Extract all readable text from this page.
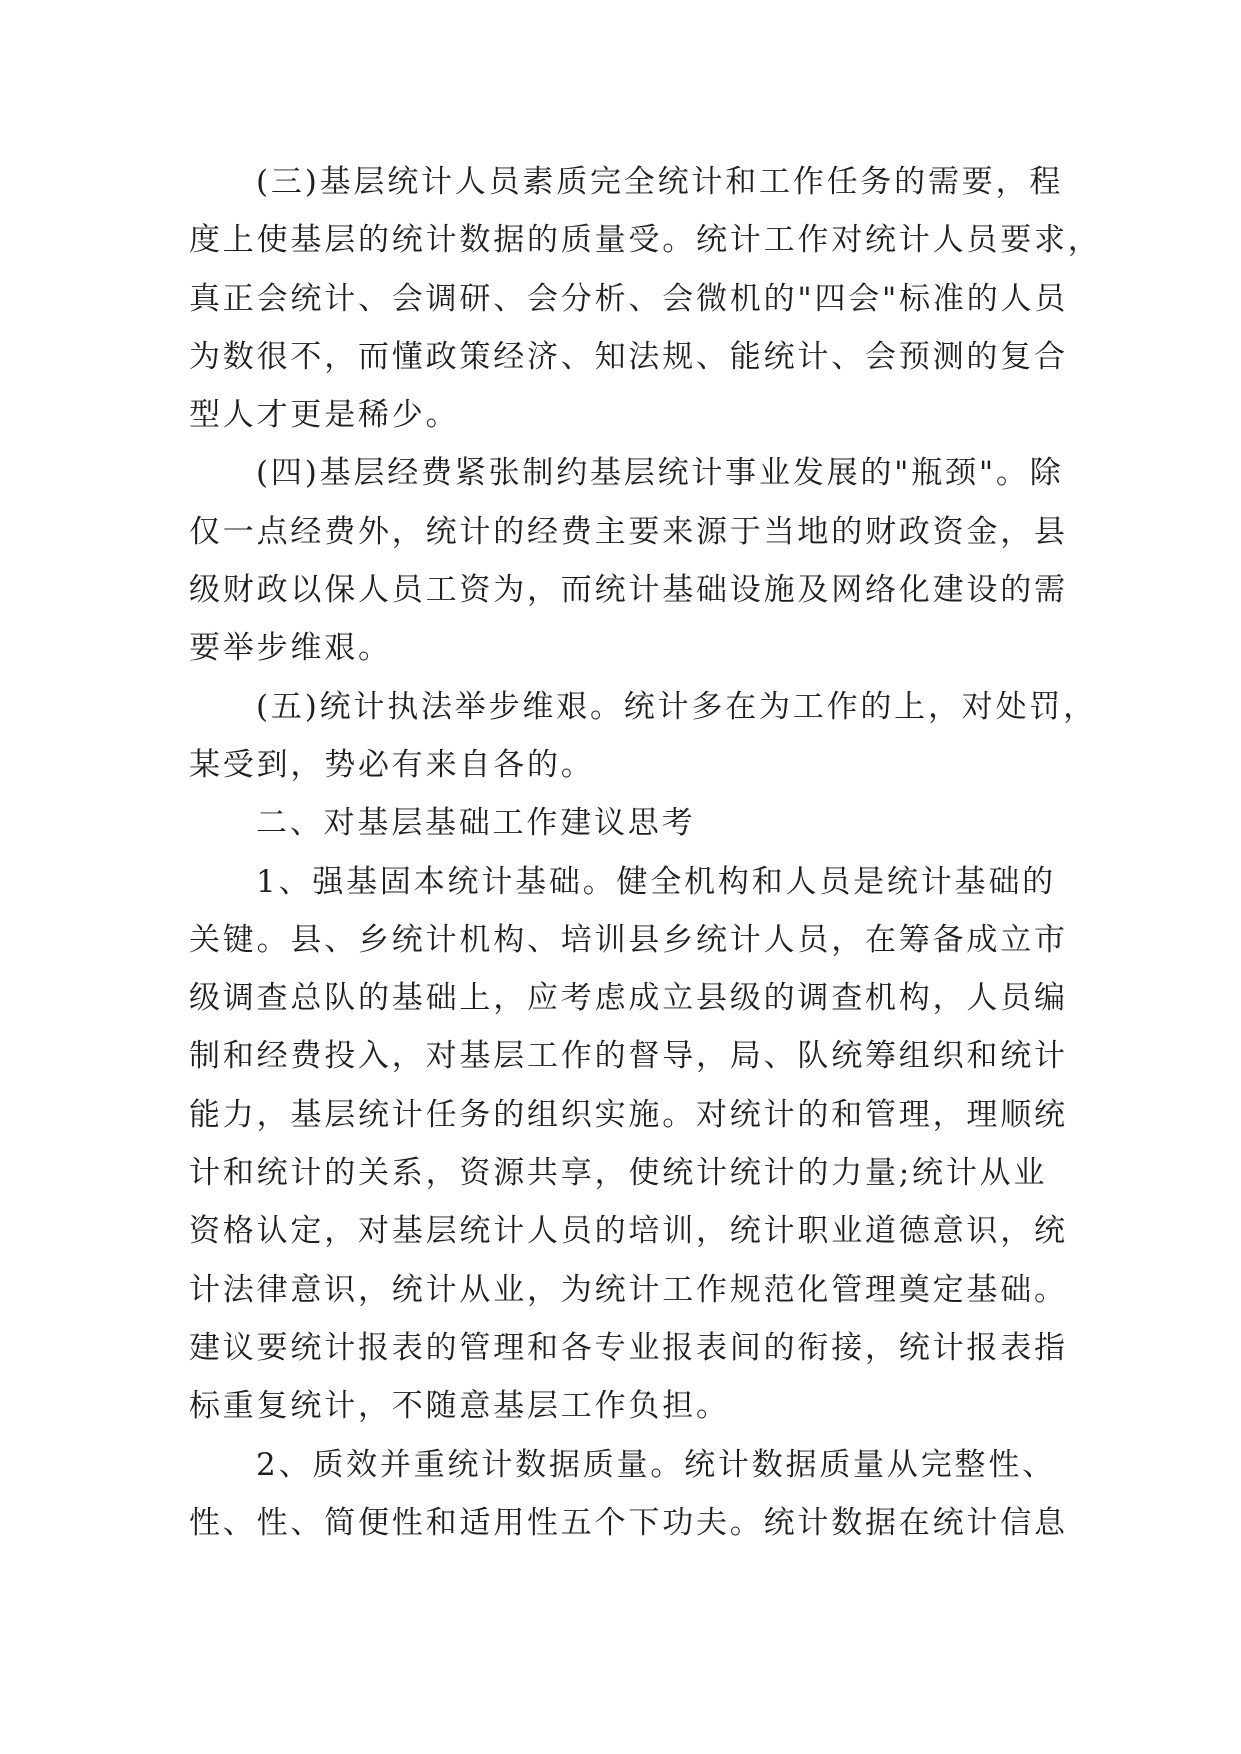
(三)基层统计人员素质完全统计和工作任务的需要，程
度上使基层的统计数据的质量受。统计工作对统计人员要求，
真正会统计、会调研、会分析、会微机的"四会"标准的人员
为数很不，而懂政策经济、知法规、能统计、会预测的复合
型人才更是稀少。
(四)基层经费紧张制约基层统计事业发展的"瓶颈"。除
仅一点经费外，统计的经费主要来源于当地的财政资金，县
级财政以保人员工资为，而统计基础设施及网络化建设的需
要举步维艰。
(五)统计执法举步维艰。统计多在为工作的上，对处罚，
某受到，势必有来自各的。
二、对基层基础工作建议思考
1、强基固本统计基础。健全机构和人员是统计基础的
关键。县、乡统计机构、培训县乡统计人员，在筹备成立市
级调查总队的基础上，应考虑成立县级的调查机构，人员编
制和经费投入，对基层工作的督导，局、队统筹组织和统计
能力，基层统计任务的组织实施。对统计的和管理，理顺统
计和统计的关系，资源共享，使统计统计的力量;统计从业
资格认定，对基层统计人员的培训，统计职业道德意识，统
计法律意识，统计从业，为统计工作规范化管理奠定基础。
建议要统计报表的管理和各专业报表间的衔接，统计报表指
标重复统计，不随意基层工作负担。
2、质效并重统计数据质量。统计数据质量从完整性、
性、性、简便性和适用性五个下功夫。统计数据在统计信息
